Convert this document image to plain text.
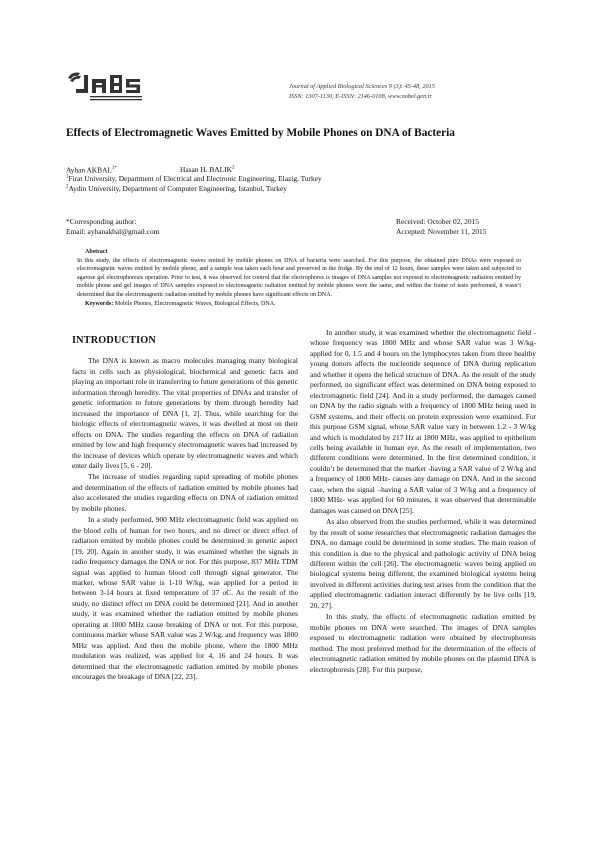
Journal of Applied Biological Sciences 9 (3): 45-48, 2015
ISSN: 1307-1130, E-ISSN: 2146-0108, www.nobel.gen.tr
Effects of Electromagnetic Waves Emitted by Mobile Phones on DNA of Bacteria
Ayhan $AKBAL^{1*}$	Hasan H. BALIK$^2$
$^1$Firat University, Department of Electrical and Electronic Engineering, Elazig, Turkey
$^2$Aydin University, Department of Computer Engineering, Istanbul, Turkey
*Corresponding author:
Email: ayhanakbal@gmail.com
Received: October 02, 2015
Accepted: November 11, 2015
Abstract
In this study, the effects of electromagnetic waves emited by mobile phones on DNA of bacteria were searched. For this purpose, the obtained pure DNAs were exposed to electromagnetic waves emitted by mobile phone, and a sample was taken each hour and preserved in the fridge. By the end of 12 hours, these samples were taken and subjected to agarose gel electrophoresis operation. Prior to test, it was observed for control that the electrophores is images of DNA samples not exposed to electromagnetic radiation emitted by mobile phone and gel images of DNA samples exposed to electomagnetic radiation emitted by mobile phones were the same, and within the frame of tests performed, it wasn’t determined that the electromagnetic radiation emitted by mobile phones have significant effects on DNA.
Keywords: Mobile Phones, Electromagnetic Waves, Biological Effects, DNA.
INTRODUCTION

The DNA is known as macro molecules managing many biological facts in cells such as physiological, biochemical and genetic facts and playing an important role in transferring to future generations of this genetic information through heredity. The vital properties of DNAs and transfer of genetic information to future generations by them through heredity had increased the importance of DNA [1, 2]. Thus, while searching for the biologic effects of electromagnetic waves, it was dwelled at most on their effects on DNA. The studies regarding the effects on DNA of radiation emitted by low and high frequency electromagnetic waves had increased by the increase of devices which operate by electromagnetic waves and which enter daily lives [5, 6 - 20].

The increase of studies regarding rapid spreading of mobile phones and determination of the effects of radiation emitted by mobile phones had also accelerated the studies regarding effects on DNA of radiation emitted by mobile phones.

In a study performed, 900 MHz electromagnetic field was applied on the blood cells of human for two hours, and no direct or direct effect of radiation emitted by mobile phones could be determined in genetic aspect [19, 20]. Again in another study, it was examined whether the signals in radio frequency damages the DNA or not. For this purpose, 837 MHz TDM signal was applied to human blood cell through signal generator. The marker, whose SAR value is 1-10 W/kg, was applied for a period in between 3-14 hours at fixed temperature of 37 oC. As the result of the study, no distinct effect on DNA could be determined [21]. And in another study, it was examined whether the radiation emitted by mobile phones operating at 1800 MHz cause breaking of DNA or not. For this purpose, continuous marker whose SAR value was 2 W/kg, and frequency was 1800 MHz was applied. And then the mobile phone, where the 1800 MHz modulation was realized, was applied for 4, 16 and 24 hours. It was determined that the electromagnetic radiation emitted by mobile phones encourages the breakage of DNA [22, 23].

In another study, it was examined whether the electromagnetic field -whose frequency was 1800 MHz and whose SAR value was 3 W/kg- applied for 0, 1.5 and 4 hours on the lymphocytes taken from three healthy young donors affects the nucleotide sequence of DNA during replication and whether it opens the helical structure of DNA. As the result of the study performed, no significant effect was determined on DNA being exposed to electromagnetic field [24]. And in a study performed, the damages caused on DNA by the radio signals with a frequency of 1800 MHz being used in GSM systems, and their effects on protein expression were examined. For this purpose GSM signal, whose SAR value vary in between 1.2 - 3 W/kg and which is modulated by 217 Hz at 1800 MHz, was applied to epithelium cells being available in human eye. As the result of implementation, two different conditions were determined. In the first determined condition, it couldn’t be determined that the marker -having a SAR value of 2 W/kg and a frequency of 1800 MHz- causes any damage on DNA. And in the second case, when the signal –having a SAR value of 3 W/kg and a frequency of 1800 MHz- was applied for 60 minutes, it was observed that determinable damages was caused on DNA [25].

As also observed from the studies performed, while it was determined by the result of some researches that electromagnetic radiation damages the DNA, no damage could be determined in some studies. The main reason of this condition is due to the physical and pathologic activity of DNA being different within the cell [26]. The electromagnetic waves being applied on biological systems being different, the examined biological systems being involved in different activities during test arises from the condition that the applied electromagnetic radiation interact differently by he live cells [19, 20, 27].

In this study, the effects of electromagnetic radiation emitted by mobile phones on DNA were searched. The images of DNA samples exposed to electromagnetic radiation were obtained by electrophoresis method. The most preferred method for the determination of the effects of electromagnetic radiation emitted by mobile phones on the plasmid DNA is electrophoresis [28]. For this purpose,
